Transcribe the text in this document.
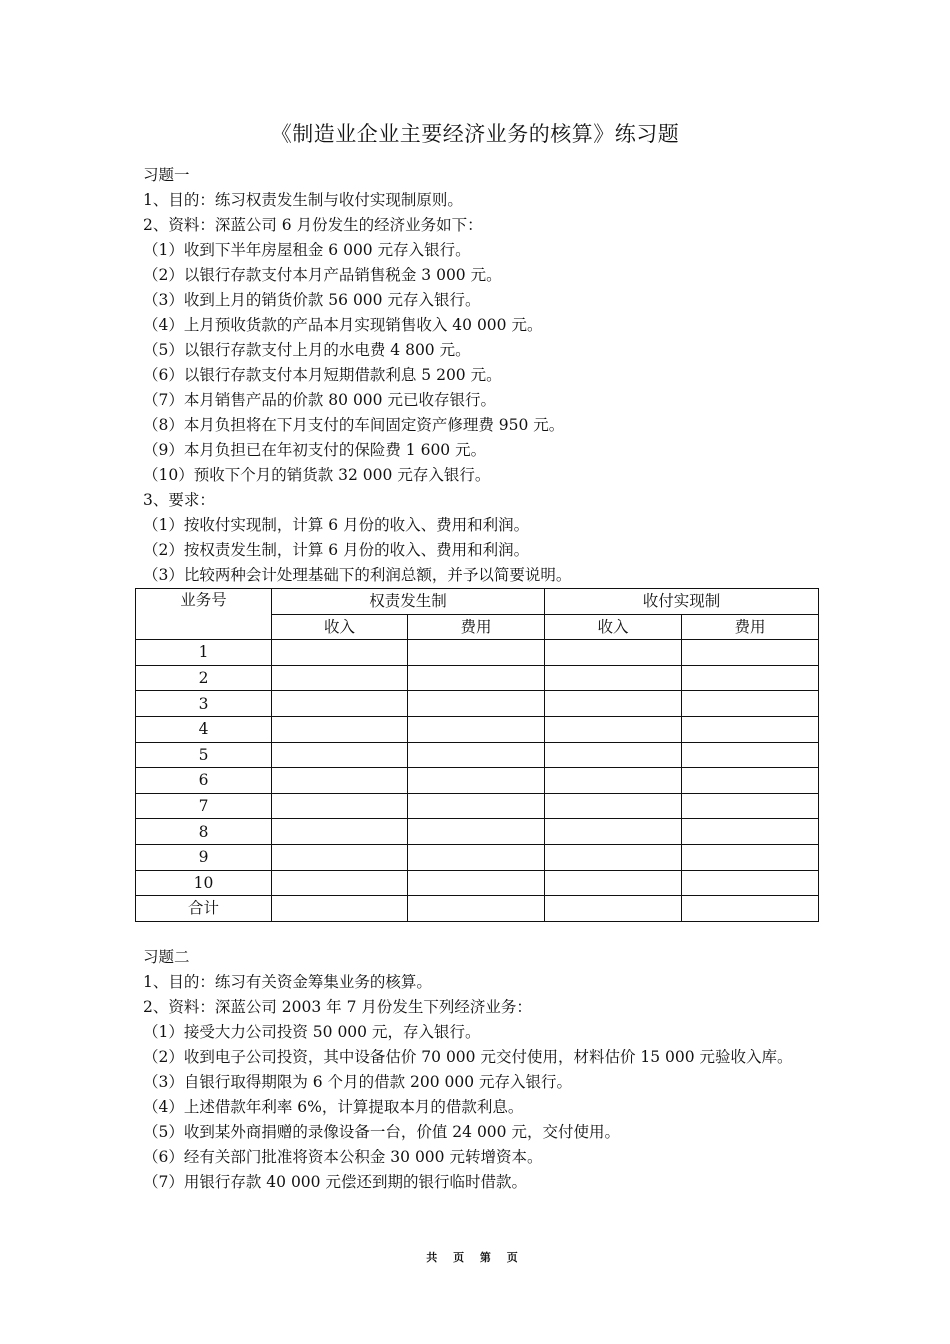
《制造业企业主要经济业务的核算》练习题
习题一
1、目的：练习权责发生制与收付实现制原则。
2、资料：深蓝公司 6 月份发生的经济业务如下：
（1）收到下半年房屋租金 6 000 元存入银行。
（2）以银行存款支付本月产品销售税金 3 000 元。
（3）收到上月的销货价款 56 000 元存入银行。
（4）上月预收货款的产品本月实现销售收入 40 000 元。
（5）以银行存款支付上月的水电费 4 800 元。
（6）以银行存款支付本月短期借款利息 5 200 元。
（7）本月销售产品的价款 80 000 元已收存银行。
（8）本月负担将在下月支付的车间固定资产修理费 950 元。
（9）本月负担已在年初支付的保险费 1 600 元。
（10）预收下个月的销货款 32 000 元存入银行。
3、要求：
（1）按收付实现制，计算 6 月份的收入、费用和利润。
（2）按权责发生制，计算 6 月份的收入、费用和利润。
（3）比较两种会计处理基础下的利润总额，并予以简要说明。
业务号	权责发生制		收付实现制	
	收入	费用	收入	费用
1				
2				
3				
4				
5				
6				
7				
8				
9				
10				
合计				
习题二
1、目的：练习有关资金筹集业务的核算。
2、资料：深蓝公司 2003 年 7 月份发生下列经济业务：
（1）接受大力公司投资 50 000 元，存入银行。
（2）收到电子公司投资，其中设备估价 70 000 元交付使用，材料估价 15 000 元验收入库。
（3）自银行取得期限为 6 个月的借款 200 000 元存入银行。
（4）上述借款年利率 6%，计算提取本月的借款利息。
（5）收到某外商捐赠的录像设备一台，价值 24 000 元，交付使用。
（6）经有关部门批准将资本公积金 30 000 元转增资本。
（7）用银行存款 40 000 元偿还到期的银行临时借款。
共 页 第 页
